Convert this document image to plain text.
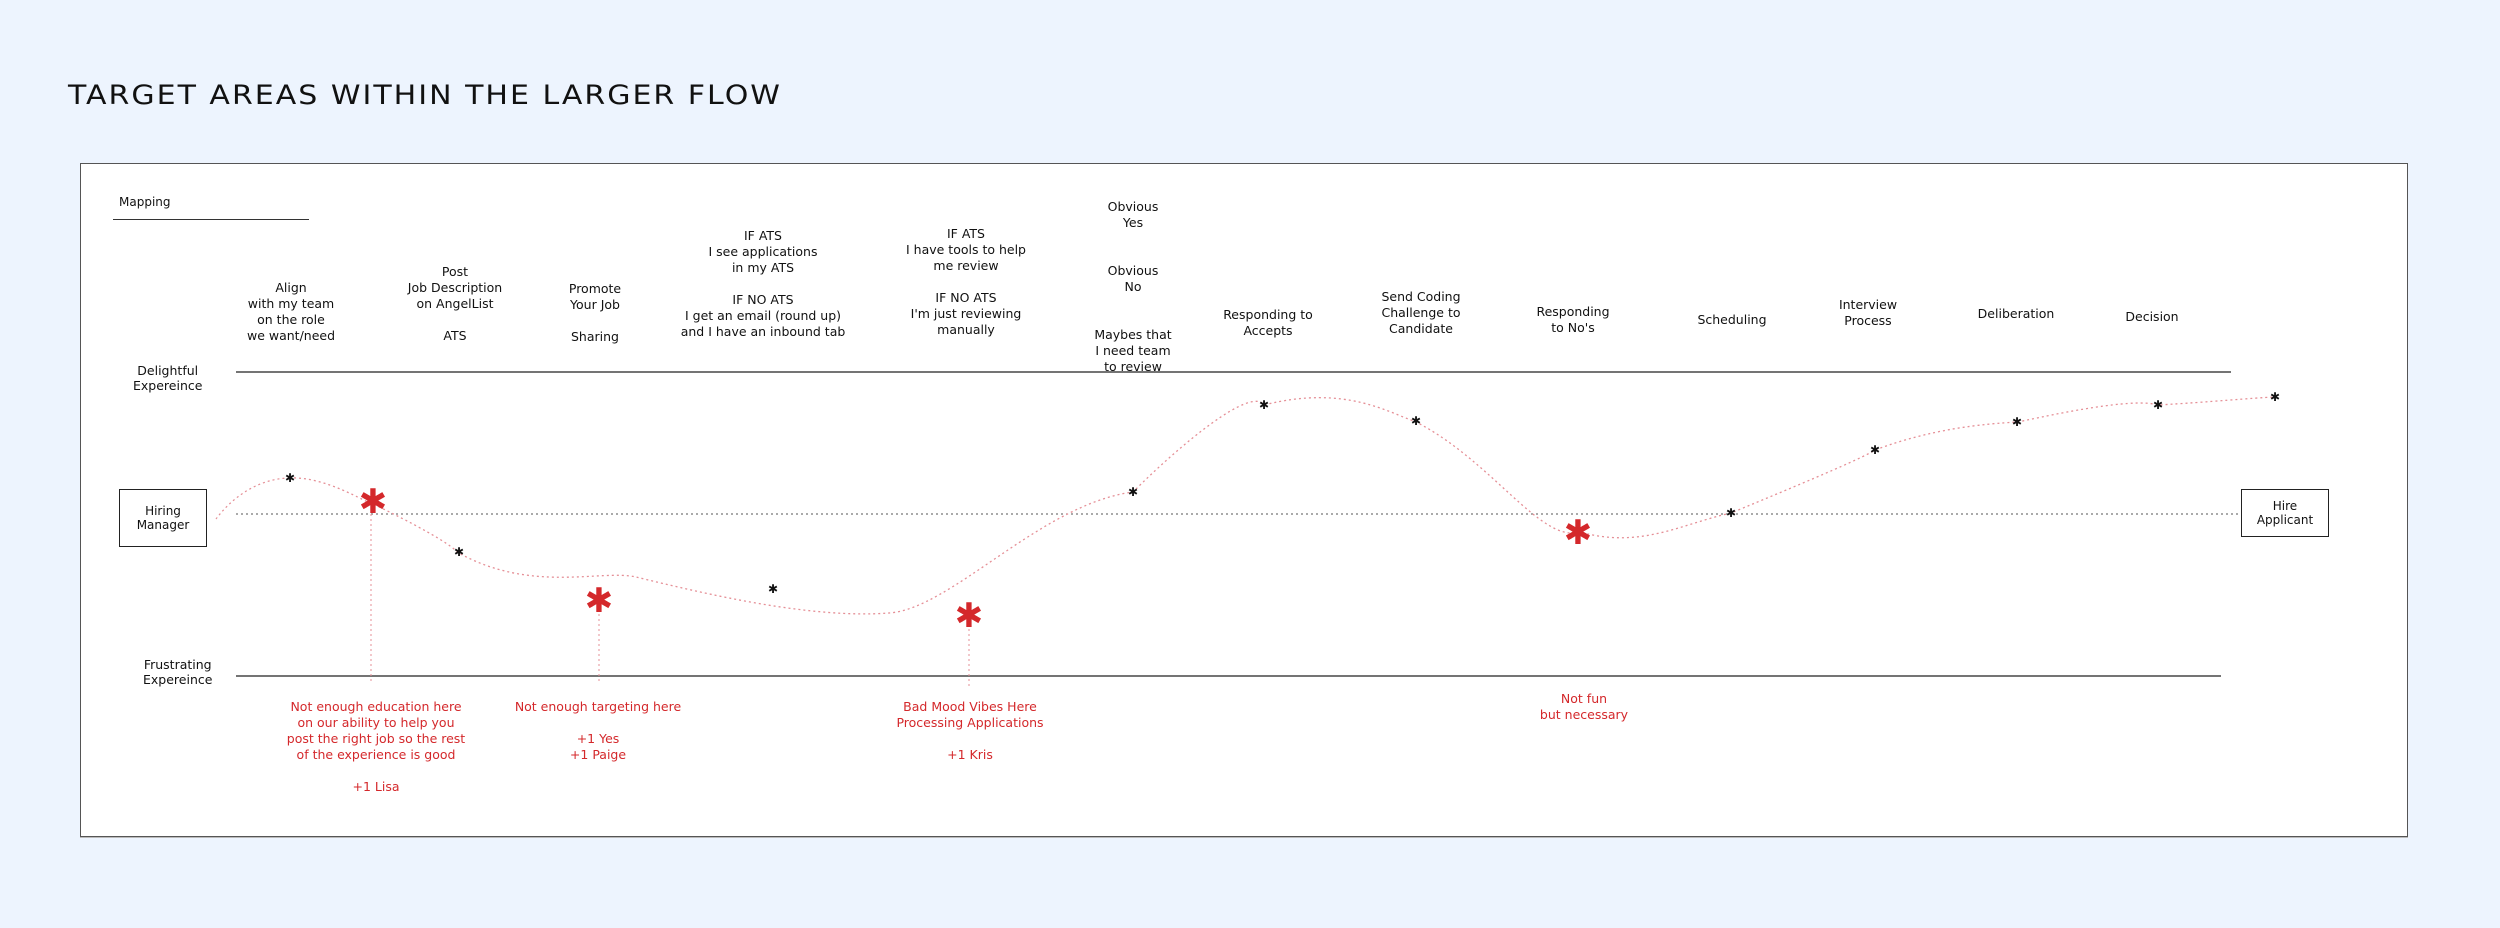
TARGET AREAS WITHIN THE LARGER FLOW
✱
✱
✱
✱
✱
✱
✱
✱
✱
✱
✱
✱
✱	✱
✱
Mapping
Delightful
Expereince
Frustrating
Expereince
Hiring
Manager
Hire
Applicant
Align
with my team
on the role
we want/need
Post
Job Description
on AngelList

ATS
Promote
Your Job

Sharing
IF ATS
I see applications
in my ATS

IF NO ATS
I get an email (round up)
and I have an inbound tab
IF ATS
I have tools to help
me review

IF NO ATS
I'm just reviewing
manually
Obvious
Yes

Obvious
No

Maybes that
I need team
to review
Responding to
Accepts
Send Coding
Challenge to
Candidate
Responding
to No's
Scheduling
Interview
Process	Deliberation	Decision
Not enough education here
on our ability to help you
post the right job so the rest
of the experience is good

+1 Lisa
Not enough targeting here

+1 Yes
+1 Paige
Bad Mood Vibes Here
Processing Applications

+1 Kris
Not fun
but necessary
